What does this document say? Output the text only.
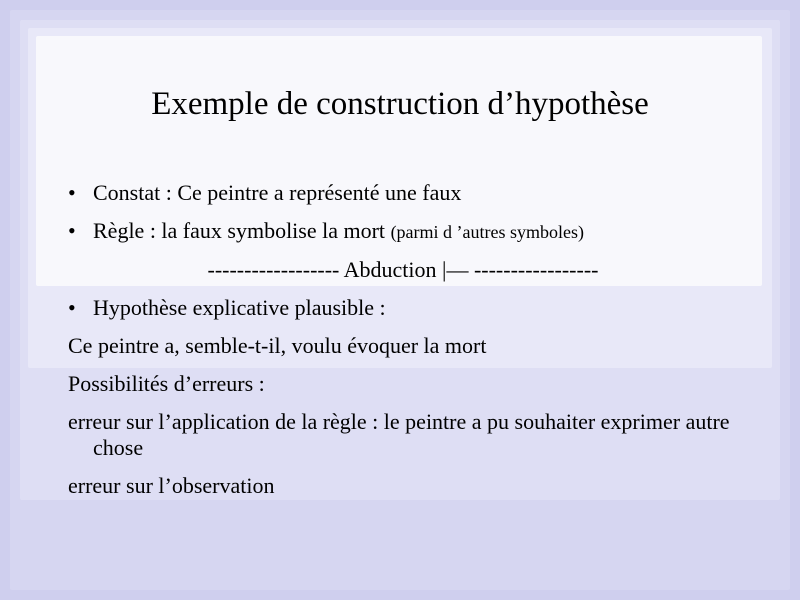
Exemple de construction d’hypothèse
• Constat : Ce peintre a représenté une faux
• Règle : la faux symbolise la mort (parmi d ’autres symboles)
------------------ Abduction |— -----------------
• Hypothèse explicative plausible :
Ce peintre a, semble-t-il, voulu évoquer la mort
Possibilités d’erreurs :
erreur sur l’application de la règle : le peintre a pu souhaiter exprimer autre chose
erreur sur l’observation
